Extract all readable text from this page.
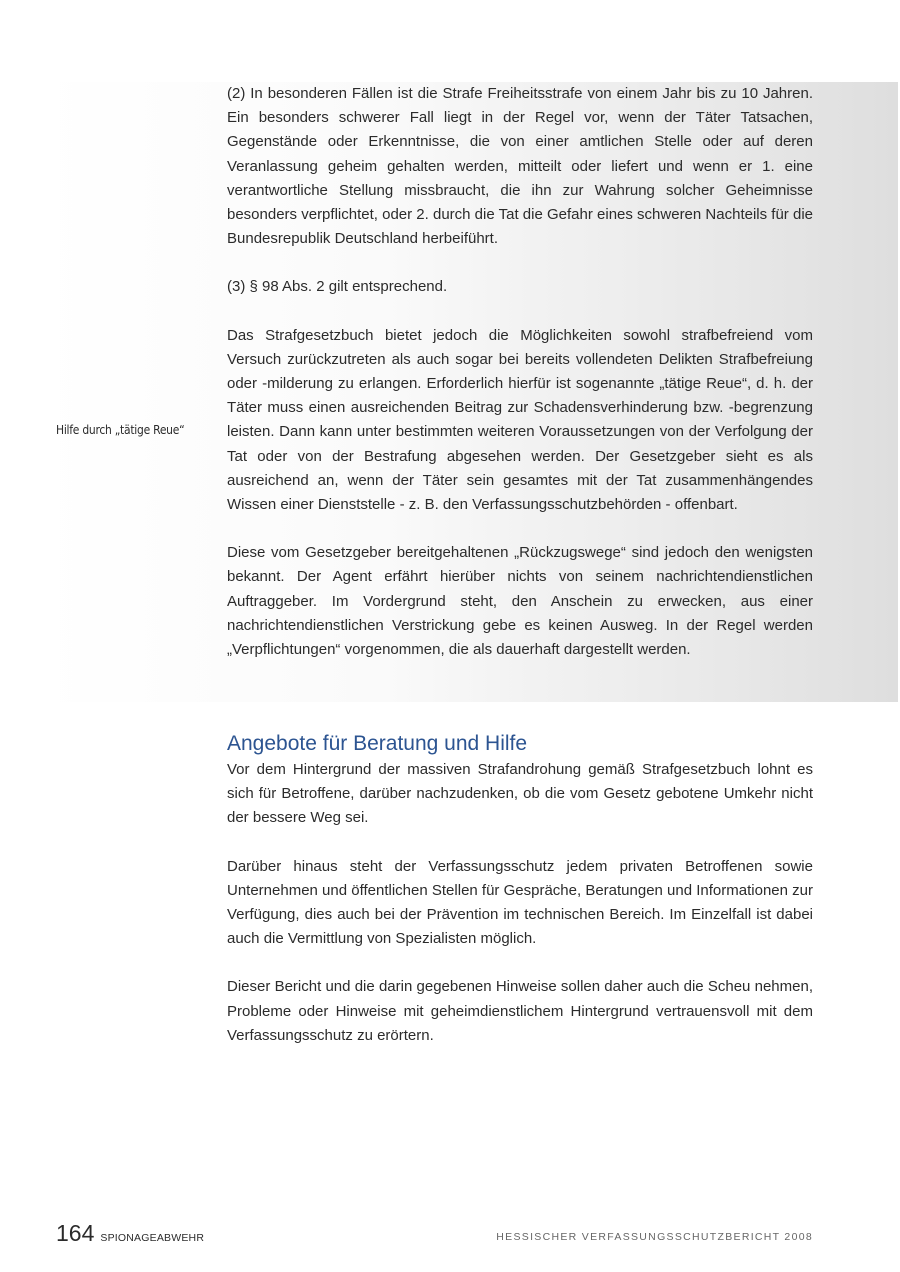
Hilfe durch „tätige Reue“

(2) In besonderen Fällen ist die Strafe Freiheitsstrafe von einem Jahr bis zu 10 Jahren. Ein besonders schwerer Fall liegt in der Regel vor, wenn der Täter Tatsachen, Gegenstände oder Erkenntnisse, die von einer amtlichen Stelle oder auf deren Veranlassung geheim gehalten werden, mitteilt oder liefert und wenn er 1. eine verantwortliche Stellung missbraucht, die ihn zur Wahrung solcher Geheimnisse besonders verpflichtet, oder 2. durch die Tat die Gefahr eines schweren Nachteils für die Bundesrepublik Deutschland herbeiführt.

(3) § 98 Abs. 2 gilt entsprechend.

Das Strafgesetzbuch bietet jedoch die Möglichkeiten sowohl strafbefreiend vom Versuch zurückzutreten als auch sogar bei bereits vollendeten Delikten Strafbefreiung oder -milderung zu erlangen. Erforderlich hierfür ist sogenannte „tätige Reue“, d. h. der Täter muss einen ausreichenden Beitrag zur Schadensverhinderung bzw. -begrenzung leisten. Dann kann unter bestimmten weiteren Voraussetzungen von der Verfolgung der Tat oder von der Bestrafung abgesehen werden. Der Gesetzgeber sieht es als ausreichend an, wenn der Täter sein gesamtes mit der Tat zusammenhängendes Wissen einer Dienststelle - z. B. den Verfassungsschutzbehörden - offenbart.

Diese vom Gesetzgeber bereitgehaltenen „Rückzugswege“ sind jedoch den wenigsten bekannt. Der Agent erfährt hierüber nichts von seinem nachrichtendienstlichen Auftraggeber. Im Vordergrund steht, den Anschein zu erwecken, aus einer nachrichtendienstlichen Verstrickung gebe es keinen Ausweg. In der Regel werden „Verpflichtungen“ vorgenommen, die als dauerhaft dargestellt werden.

Angebote für Beratung und Hilfe

Vor dem Hintergrund der massiven Strafandrohung gemäß Strafgesetzbuch lohnt es sich für Betroffene, darüber nachzudenken, ob die vom Gesetz gebotene Umkehr nicht der bessere Weg sei.

Darüber hinaus steht der Verfassungsschutz jedem privaten Betroffenen sowie Unternehmen und öffentlichen Stellen für Gespräche, Beratungen und Informationen zur Verfügung, dies auch bei der Prävention im technischen Bereich. Im Einzelfall ist dabei auch die Vermittlung von Spezialisten möglich.

Dieser Bericht und die darin gegebenen Hinweise sollen daher auch die Scheu nehmen, Probleme oder Hinweise mit geheimdienstlichem Hintergrund vertrauensvoll mit dem Verfassungsschutz zu erörtern.

164 SPIONAGEABWEHR	HESSISCHER VERFASSUNGSSCHUTZBERICHT 2008
